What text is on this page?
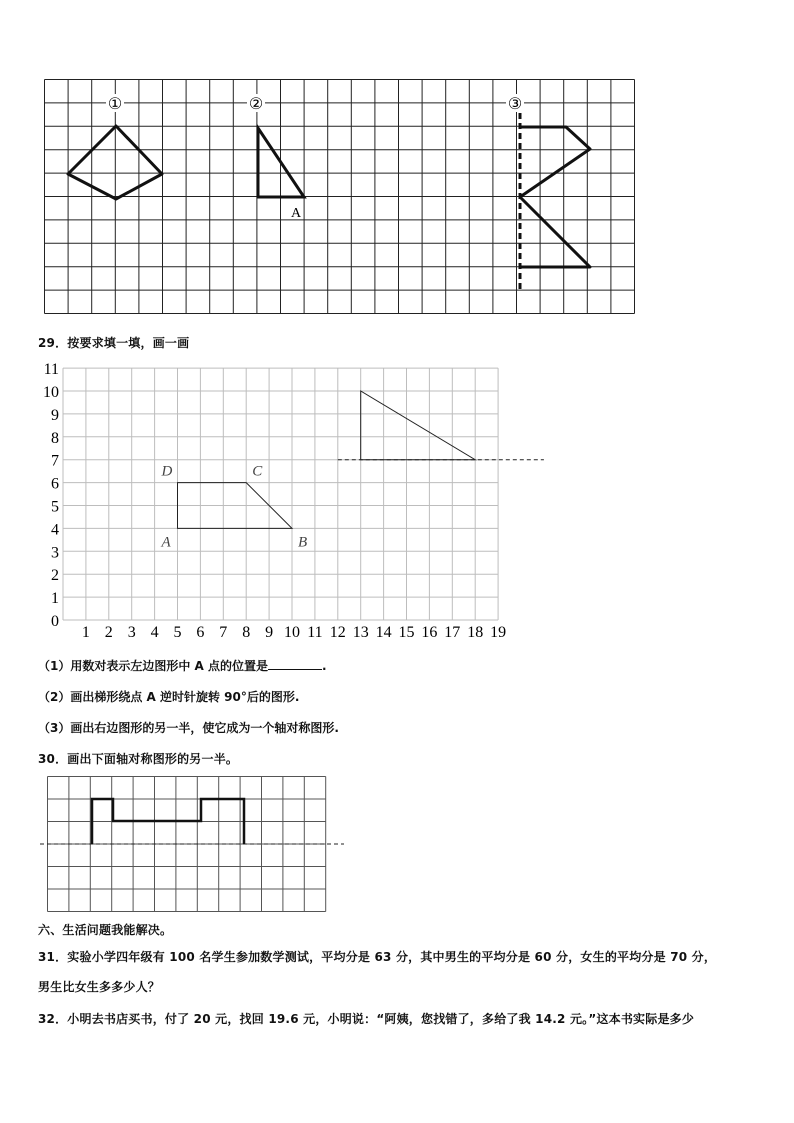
①	②	③
A
29．按要求填一填，画一画
0
1
2
3
4
5
6
7
8
9
10
11
1 2 3 4 5 6 7 8 9 10 11 12 13 14 15 16 17 18 19
A	B
C
D
（1）用数对表示左边图形中 A 点的位置是	.
（2）画出梯形绕点 A 逆时针旋转 90°后的图形.
（3）画出右边图形的另一半，使它成为一个轴对称图形.
30．画出下面轴对称图形的另一半。
六、生活问题我能解决。
31．实验小学四年级有 100 名学生参加数学测试，平均分是 63 分，其中男生的平均分是 60 分，女生的平均分是 70 分，
男生比女生多多少人？
32．小明去书店买书，付了 20 元，找回 19.6 元，小明说：“阿姨，您找错了，多给了我 14.2 元。”这本书实际是多少
